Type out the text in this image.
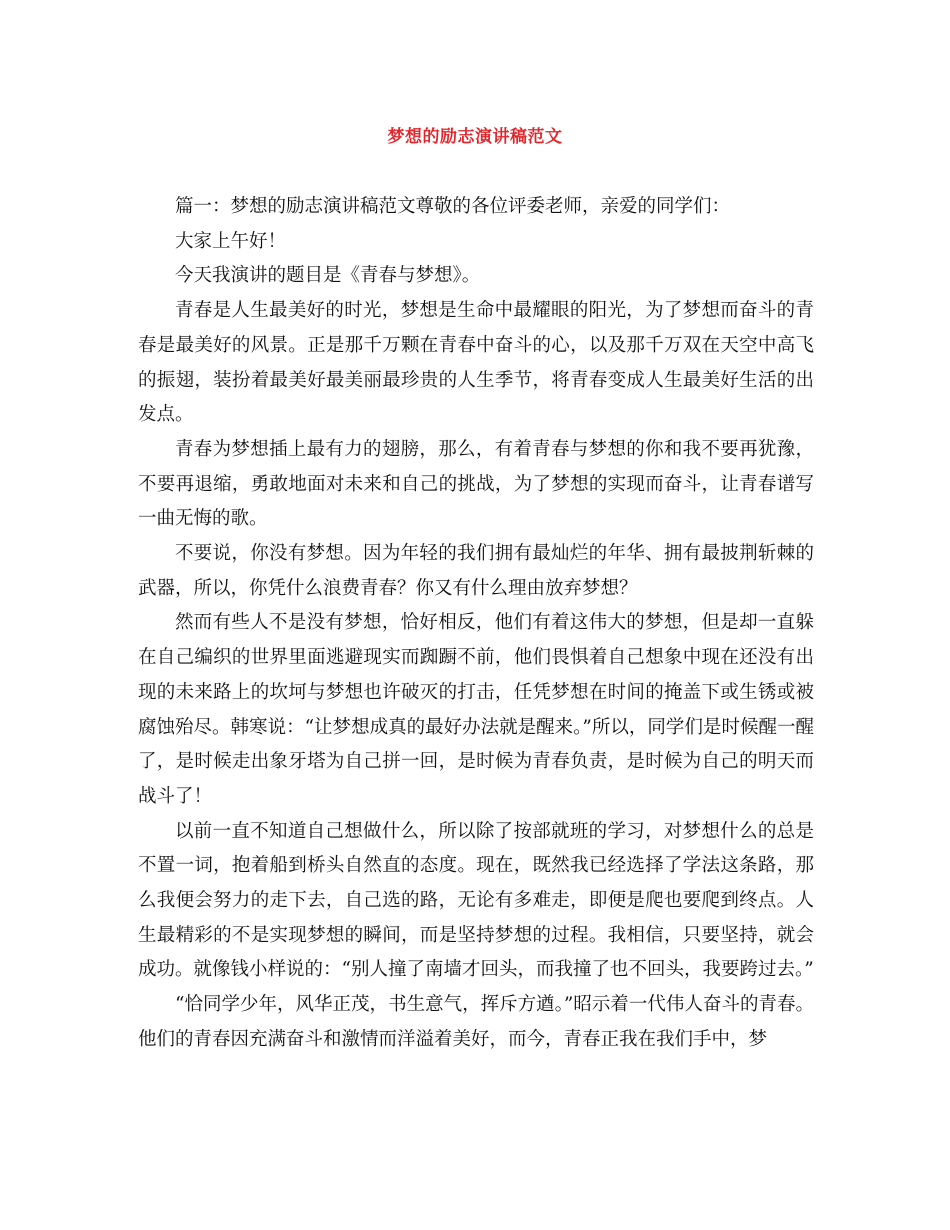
梦想的励志演讲稿范文

篇一：梦想的励志演讲稿范文尊敬的各位评委老师，亲爱的同学们：

大家上午好！

今天我演讲的题目是《青春与梦想》。

青春是人生最美好的时光，梦想是生命中最耀眼的阳光，为了梦想而奋斗的青春是最美好的风景。正是那千万颗在青春中奋斗的心，以及那千万双在天空中高飞的振翅，装扮着最美好最美丽最珍贵的人生季节，将青春变成人生最美好生活的出发点。

青春为梦想插上最有力的翅膀，那么，有着青春与梦想的你和我不要再犹豫，不要再退缩，勇敢地面对未来和自己的挑战，为了梦想的实现而奋斗，让青春谱写一曲无悔的歌。

不要说，你没有梦想。因为年轻的我们拥有最灿烂的年华、拥有最披荆斩棘的武器，所以，你凭什么浪费青春？你又有什么理由放弃梦想？

然而有些人不是没有梦想，恰好相反，他们有着这伟大的梦想，但是却一直躲在自己编织的世界里面逃避现实而踟蹰不前，他们畏惧着自己想象中现在还没有出现的未来路上的坎坷与梦想也许破灭的打击，任凭梦想在时间的掩盖下或生锈或被腐蚀殆尽。韩寒说：“让梦想成真的最好办法就是醒来。”所以，同学们是时候醒一醒了，是时候走出象牙塔为自己拼一回，是时候为青春负责，是时候为自己的明天而战斗了！

以前一直不知道自己想做什么，所以除了按部就班的学习，对梦想什么的总是不置一词，抱着船到桥头自然直的态度。现在，既然我已经选择了学法这条路，那么我便会努力的走下去，自己选的路，无论有多难走，即便是爬也要爬到终点。人生最精彩的不是实现梦想的瞬间，而是坚持梦想的过程。我相信，只要坚持，就会成功。就像钱小样说的：“别人撞了南墙才回头，而我撞了也不回头，我要跨过去。”

“恰同学少年，风华正茂，书生意气，挥斥方遒。”昭示着一代伟人奋斗的青春。他们的青春因充满奋斗和激情而洋溢着美好，而今，青春正我在我们手中，梦
